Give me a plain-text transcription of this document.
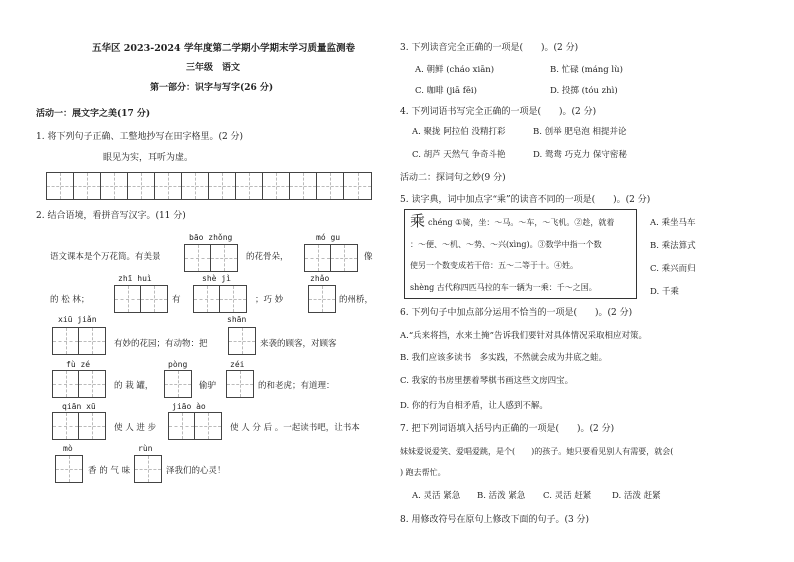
五华区 2023-2024 学年度第二学期小学期末学习质量监测卷
三年级　语文
第一部分：识字与写字(26 分)
活动一：展文字之美(17 分)
1. 将下列句子正确、工整地抄写在田字格里。(2 分)
眼见为实，耳听为虚。
2. 结合语境，看拼音写汉字。(11 分)
bāo zhǒng	mó gu
语文课本是个万花筒。有美景	的花骨朵，	像
zhī huì	shè jì	zhǎo
的 松 林；	有	；巧 妙	的州桥，
xiū jiǎn	shān
有妙的花园；有动物：把	来袭的顾客，对顾客
fù zé	pòng	zéi
的 栽 罐，	偷驴	的和老虎；有道理：
qiān xū	jiāo ào
使 人 进 步	使 人 分 后 。一起读书吧，让书本
mò	rùn
香 的 气 味	泽我们的心灵！
3. 下列读音完全正确的一项是(　　)。(2 分)
A. 朝鲜 (cháo xiān)	B. 忙碌 (máng lù)
C. 咖啡 (jiā fēi)	D. 投掷 (tóu zhì)
4. 下列词语书写完全正确的一项是(　　)。(2 分)
A. 聚拢 阿拉伯 没精打彩	B. 创举 肥皂泡 相提并论
C. 胡芦 天然气 争奇斗艳	D. 鸳鸯 巧克力 保守密秘
活动二：探词句之妙(9 分)
5. 读字典，词中加点字“乘”的读音不同的一项是(　　)。(2 分)
乘 chéng ①骑，坐：～马。～车，～飞机。②趁，就着
：～便、～机、～势、～兴(xìng)。③数学中指一个数
使另一个数变成若干倍：五～二等于十。④姓。
shèng 古代称四匹马拉的车一辆为一乘：千～之国。
A. 乘坐马车
B. 乘法算式
C. 乘兴而归
D. 千乘
6. 下列句子中加点部分运用不恰当的一项是(　　)。(2 分)
A.“兵来将挡，水来土掩”告诉我们要针对具体情况采取相应对策。
B. 我们应该多读书　多实践，不然就会成为井底之蛙。
C. 我家的书房里摆着琴棋书画这些文房四宝。
D. 你的行为自相矛盾，让人感到不解。
7. 把下列词语填入括号内正确的一项是(　　)。(2 分)
妹妹爱说爱笑、爱唱爱跳，是个(　　)的孩子。她只要看见别人有需要，就会(
) 跑去帮忙。
A. 灵活 紧急 B. 活泼 紧急 C. 灵活 赶紧 D. 活泼 赶紧
8. 用修改符号在原句上修改下面的句子。(3 分)
